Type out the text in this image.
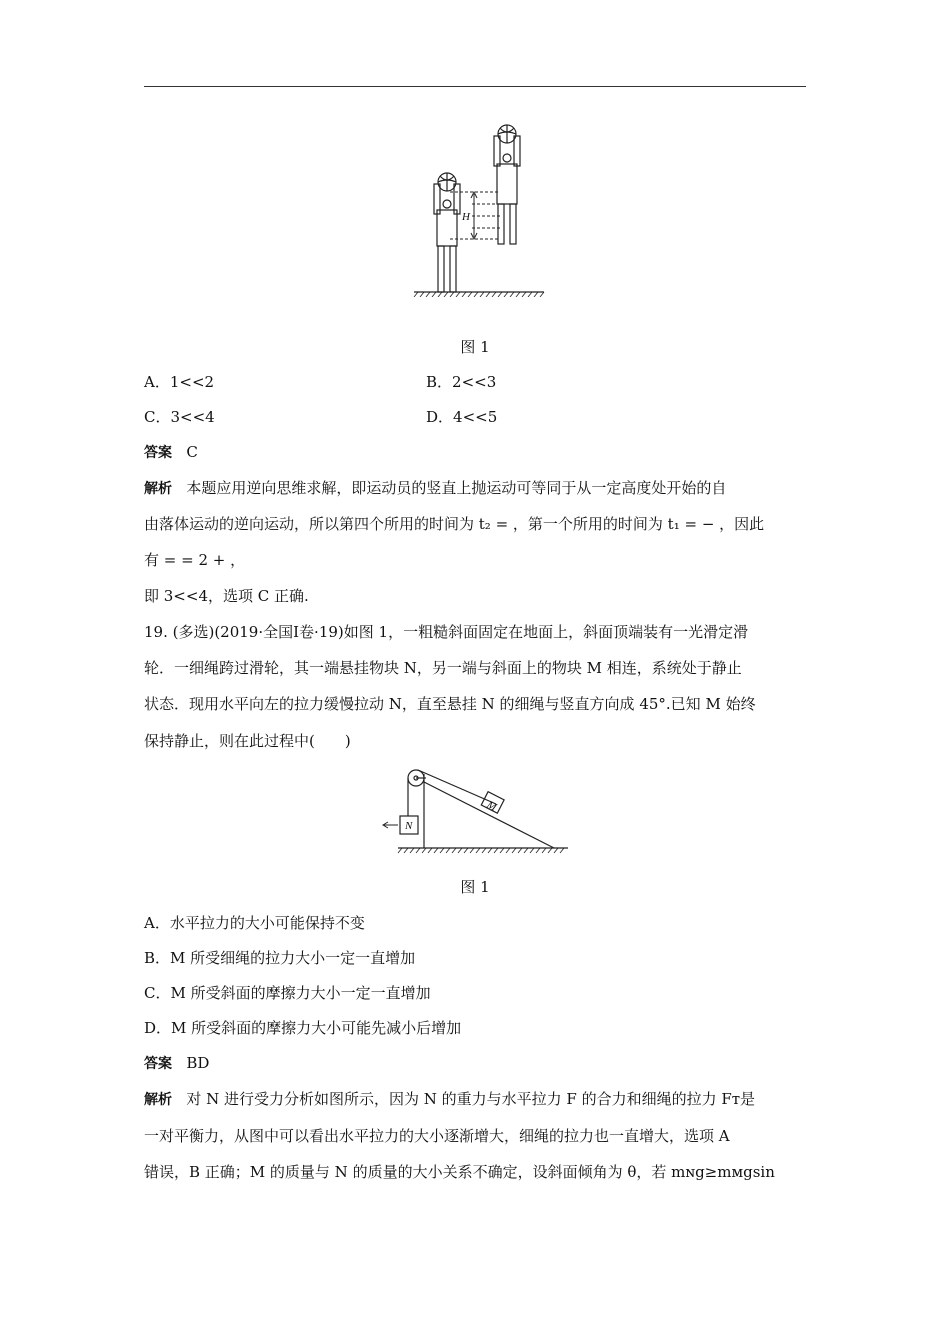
H
图 1
A．1<<2	B．2<<3
C．3<<4	D．4<<5
答案 C
解析 本题应用逆向思维求解，即运动员的竖直上抛运动可等同于从一定高度处开始的自
由落体运动的逆向运动，所以第四个所用的时间为 t₂ = ，第一个所用的时间为 t₁ = − ，因此
有 = = 2 + ，
即 3<<4，选项 C 正确.
19. (多选)(2019·全国Ⅰ卷·19)如图 1，一粗糙斜面固定在地面上，斜面顶端装有一光滑定滑
轮．一细绳跨过滑轮，其一端悬挂物块 N，另一端与斜面上的物块 M 相连，系统处于静止
状态．现用水平向左的拉力缓慢拉动 N，直至悬挂 N 的细绳与竖直方向成 45°.已知 M 始终
保持静止，则在此过程中(　　)
N
M
图 1
A．水平拉力的大小可能保持不变
B．M 所受细绳的拉力大小一定一直增加
C．M 所受斜面的摩擦力大小一定一直增加
D．M 所受斜面的摩擦力大小可能先减小后增加
答案 BD
解析 对 N 进行受力分析如图所示，因为 N 的重力与水平拉力 F 的合力和细绳的拉力 Fᴛ是
一对平衡力，从图中可以看出水平拉力的大小逐渐增大，细绳的拉力也一直增大，选项 A
错误，B 正确；M 的质量与 N 的质量的大小关系不确定，设斜面倾角为 θ，若 mɴg≥mᴍgsin
